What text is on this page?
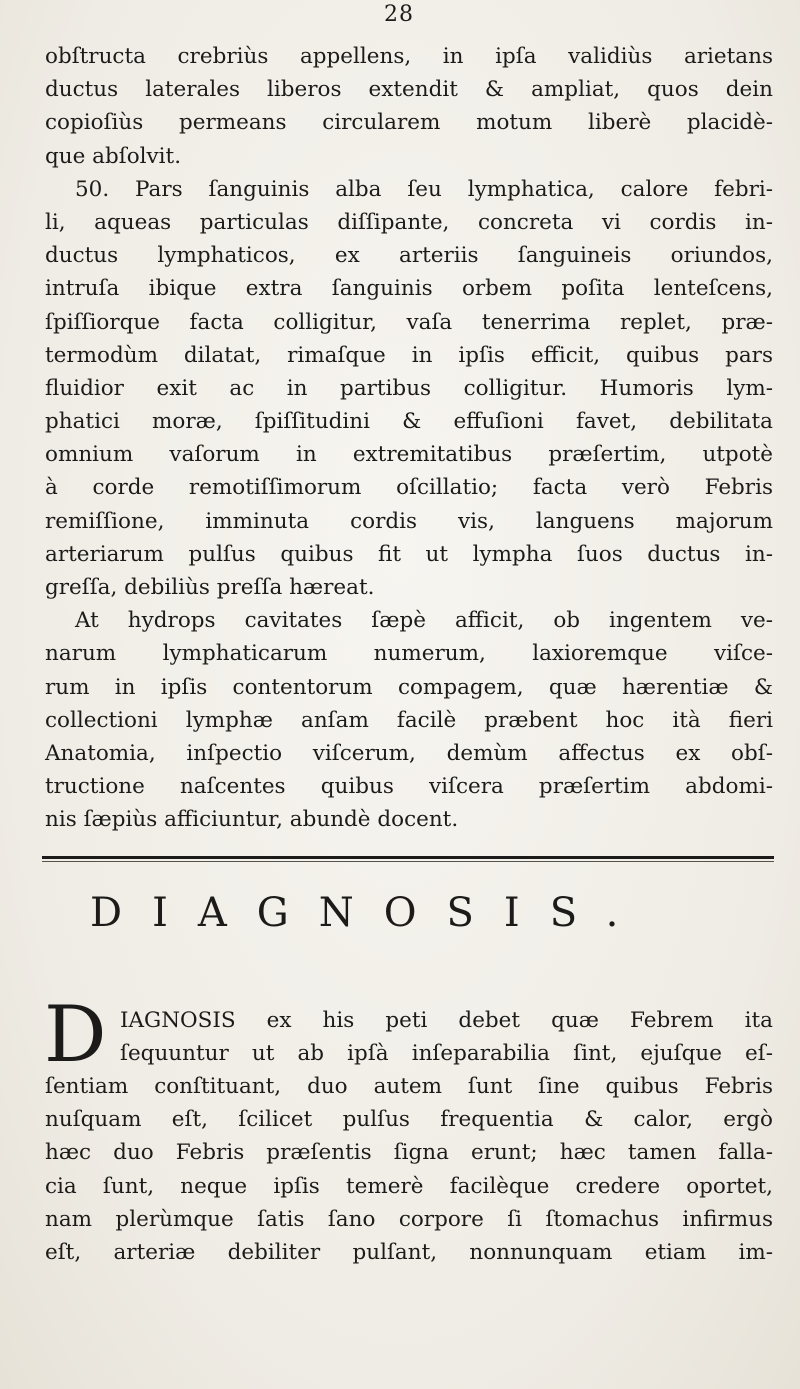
28
obſtructa crebriùs appellens, in ipſa validiùs arietans
ductus laterales liberos extendit & ampliat, quos dein
copioſiùs permeans circularem motum liberè placidè-
que abſolvit.
50. Pars ſanguinis alba ſeu lymphatica, calore febri-
li, aqueas particulas diſſipante, concreta vi cordis in-
ductus lymphaticos, ex arteriis ſanguineis oriundos,
intruſa ibique extra ſanguinis orbem poſita lenteſcens,
ſpiſſiorque facta colligitur, vaſa tenerrima replet, præ-
termodùm dilatat, rimaſque in ipſis efficit, quibus pars
fluidior exit ac in partibus colligitur. Humoris lym-
phatici moræ, ſpiſſitudini & effuſioni favet, debilitata
omnium vaſorum in extremitatibus præſertim, utpotè
à corde remotiſſimorum oſcillatio; facta verò Febris
remiſſione, imminuta cordis vis, languens majorum
arteriarum pulſus quibus fit ut lympha ſuos ductus in-
greſſa, debiliùs preſſa hæreat.
At hydrops cavitates ſæpè afficit, ob ingentem ve-
narum lymphaticarum numerum, laxioremque viſce-
rum in ipſis contentorum compagem, quæ hærentiæ &
collectioni lymphæ anſam facilè præbent hoc ità fieri
Anatomia, inſpectio viſcerum, demùm affectus ex obſ-
tructione naſcentes quibus viſcera præſertim abdomi-
nis ſæpiùs afficiuntur, abundè docent.
DIAGNOSIS.
D IAGNOSIS ex his peti debet quæ Febrem ita
ſequuntur ut ab ipſà inſeparabilia ſint, ejuſque eſ-
ſentiam conſtituant, duo autem ſunt ſine quibus Febris
nuſquam eſt, ſcilicet pulſus frequentia & calor, ergò
hæc duo Febris præſentis ſigna erunt; hæc tamen falla-
cia ſunt, neque ipſis temerè facilèque credere oportet,
nam plerùmque ſatis ſano corpore ſi ſtomachus infirmus
eſt, arteriæ debiliter pulſant, nonnunquam etiam im-
